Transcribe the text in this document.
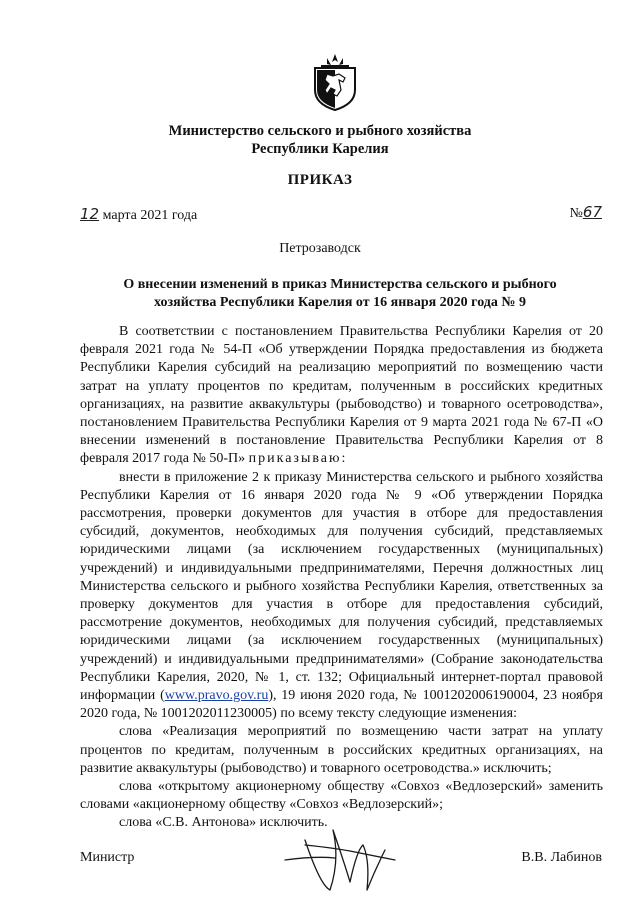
Министерство сельского и рыбного хозяйства
Республики Карелия
ПРИКАЗ
12 марта 2021 года	№67
Петрозаводск
О внесении изменений в приказ Министерства сельского и рыбного
хозяйства Республики Карелия от 16 января 2020 года № 9

В соответствии с постановлением Правительства Республики Карелия от 20 февраля 2021 года № 54-П «Об утверждении Порядка предоставления из бюджета Республики Карелия субсидий на реализацию мероприятий по возмещению части затрат на уплату процентов по кредитам, полученным в российских кредитных организациях, на развитие аквакультуры (рыбоводство) и товарного осетроводства», постановлением Правительства Республики Карелия от 9 марта 2021 года № 67-П «О внесении изменений в постановление Правительства Республики Карелия от 8 февраля 2017 года № 50-П» приказываю:

внести в приложение 2 к приказу Министерства сельского и рыбного хозяйства Республики Карелия от 16 января 2020 года № 9 «Об утверждении Порядка рассмотрения, проверки документов для участия в отборе для предоставления субсидий, документов, необходимых для получения субсидий, представляемых юридическими лицами (за исключением государственных (муниципальных) учреждений) и индивидуальными предпринимателями, Перечня должностных лиц Министерства сельского и рыбного хозяйства Республики Карелия, ответственных за проверку документов для участия в отборе для предоставления субсидий, рассмотрение документов, необходимых для получения субсидий, представляемых юридическими лицами (за исключением государственных (муниципальных) учреждений) и индивидуальными предпринимателями» (Собрание законодательства Республики Карелия, 2020, № 1, ст. 132; Официальный интернет-портал правовой информации (www.pravo.gov.ru), 19 июня 2020 года, № 1001202006190004, 23 ноября 2020 года, № 1001202011230005) по всему тексту следующие изменения:

слова «Реализация мероприятий по возмещению части затрат на уплату процентов по кредитам, полученным в российских кредитных организациях, на развитие аквакультуры (рыбоводство) и товарного осетроводства.» исключить;

слова «открытому акционерному обществу «Совхоз «Ведлозерский» заменить словами «акционерному обществу «Совхоз «Ведлозерский»;

слова «С.В. Антонова» исключить.

Министр	В.В. Лабинов
